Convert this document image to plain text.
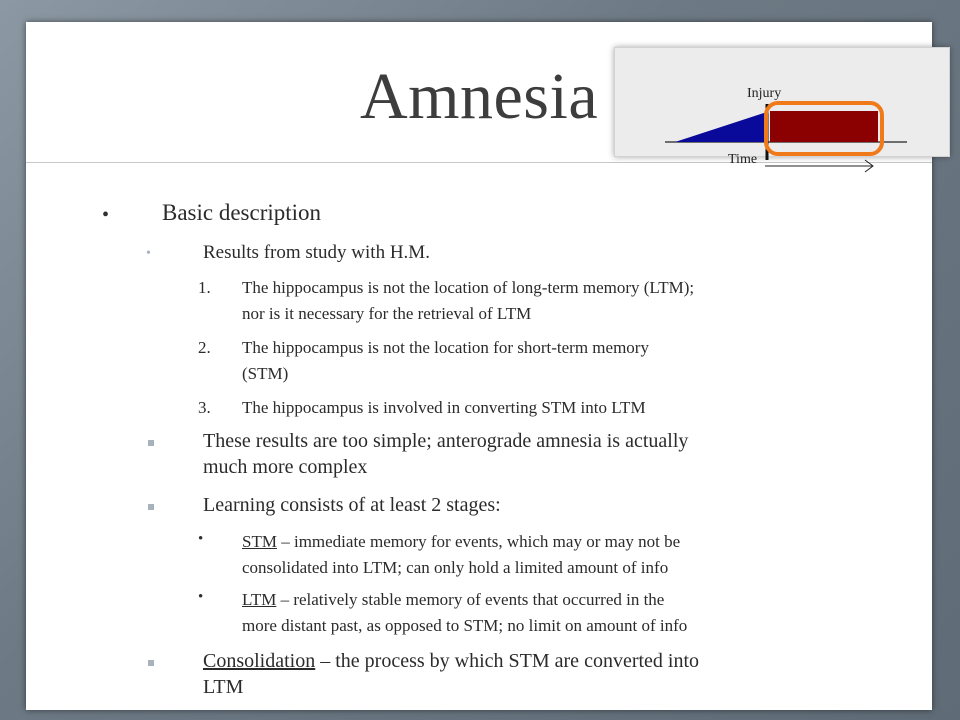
Amnesia	Injury
Time
• Basic description
•	Results from study with H.M.
1. The hippocampus is not the location of long-term memory (LTM);
nor is it necessary for the retrieval of LTM
2. The hippocampus is not the location for short-term memory
(STM)
3. The hippocampus is involved in converting STM into LTM
These results are too simple; anterograde amnesia is actually
much more complex
Learning consists of at least 2 stages:
• STM – immediate memory for events, which may or may not be
consolidated into LTM; can only hold a limited amount of info
• LTM – relatively stable memory of events that occurred in the
more distant past, as opposed to STM; no limit on amount of info
Consolidation – the process by which STM are converted into
LTM
